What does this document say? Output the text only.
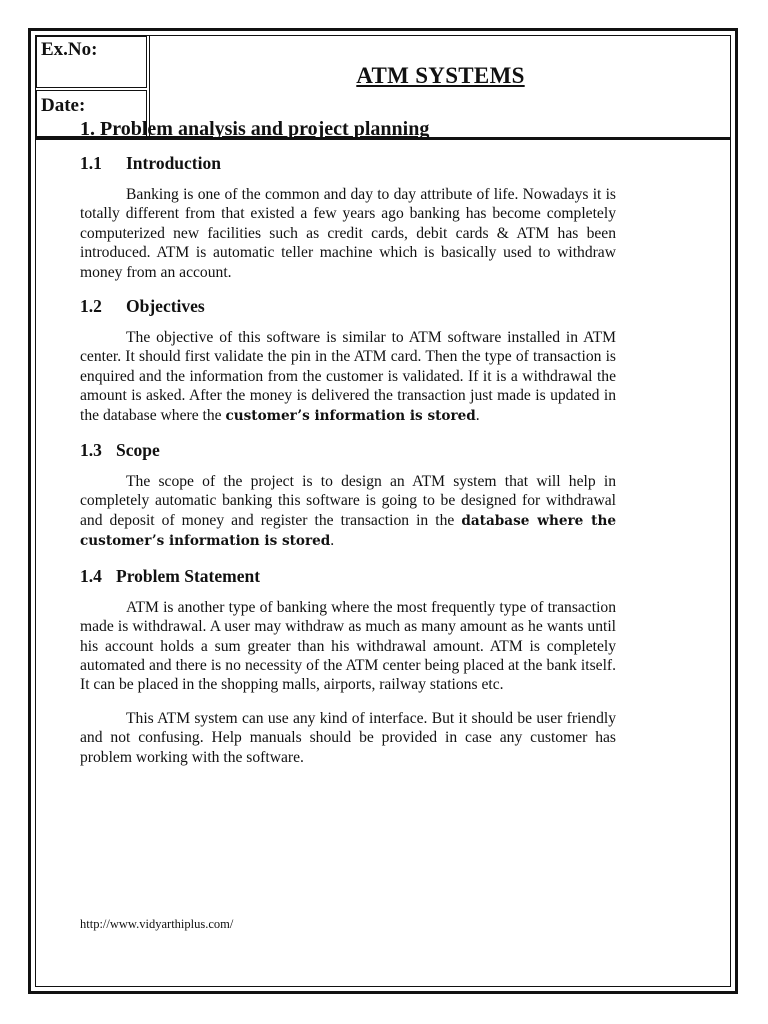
Ex.No:
Date:
ATM SYSTEMS
1. Problem analysis and project planning
1.1 Introduction

Banking is one of the common and day to day attribute of life. Nowadays it is totally different from that existed a few years ago banking has become completely computerized new facilities such as credit cards, debit cards & ATM has been introduced. ATM is automatic teller machine which is basically used to withdraw money from an account.

1.2 Objectives

The objective of this software is similar to ATM software installed in ATM center. It should first validate the pin in the ATM card. Then the type of transaction is enquired and the information from the customer is validated. If it is a withdrawal the amount is asked. After the money is delivered the transaction just made is updated in the database where the customer’s information is stored.

1.3 Scope

The scope of the project is to design an ATM system that will help in completely automatic banking this software is going to be designed for withdrawal and deposit of money and register the transaction in the database where the customer’s information is stored.

1.4 Problem Statement

ATM is another type of banking where the most frequently type of transaction made is withdrawal. A user may withdraw as much as many amount as he wants until his account holds a sum greater than his withdrawal amount. ATM is completely automated and there is no necessity of the ATM center being placed at the bank itself. It can be placed in the shopping malls, airports, railway stations etc.

This ATM system can use any kind of interface. But it should be user friendly and not confusing. Help manuals should be provided in case any customer has problem working with the software.

http://www.vidyarthiplus.com/
